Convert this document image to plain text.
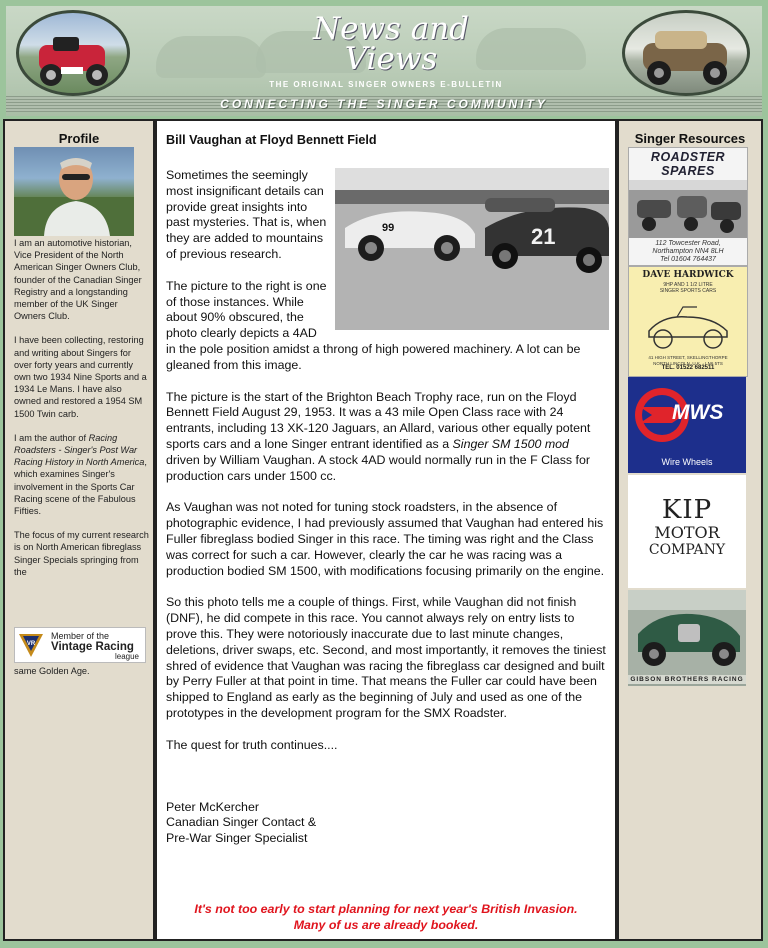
News and Views
THE ORIGINAL SINGER OWNERS E-BULLETIN
CONNECTING THE SINGER COMMUNITY
Profile

I am an automotive historian, Vice President of the North American Singer Owners Club, founder of the Canadian Singer Registry and a longstanding member of the UK Singer Owners Club.

I have been collecting, restoring and writing about Singers for over forty years and currently own two 1934 Nine Sports and a 1934 Le Mans. I have also owned and restored a 1954 SM 1500 Twin carb.

I am the author of Racing Roadsters - Singer's Post War Racing History in North America, which examines Singer's involvement in the Sports Car Racing scene of the Fabulous Fifties.

The focus of my current research is on North American fibreglass Singer Specials springing from the

VR
Member of the
Vintage Racing
league
same Golden Age.
Bill Vaughan at Floyd Bennett Field
99	21

Sometimes the seemingly most insignificant details can provide great insights into past mysteries. That is, when they are added to mountains of previous research.

The picture to the right is one of those instances. While about 90% obscured, the photo clearly depicts a 4AD in the pole position amidst a throng of high powered machinery. A lot can be gleaned from this image.

The picture is the start of the Brighton Beach Trophy race, run on the Floyd Bennett Field August 29, 1953. It was a 43 mile Open Class race with 24 entrants, including 13 XK-120 Jaguars, an Allard, various other equally potent sports cars and a lone Singer entrant identified as a Singer SM 1500 mod driven by William Vaughan. A stock 4AD would normally run in the F Class for production cars under 1500 cc.

As Vaughan was not noted for tuning stock roadsters, in the absence of photographic evidence, I had previously assumed that Vaughan had entered his Fuller fibreglass bodied Singer in this race. The timing was right and the Class was correct for such a car. However, clearly the car he was racing was a production bodied SM 1500, with modifications focusing primarily on the engine.

So this photo tells me a couple of things. First, while Vaughan did not finish (DNF), he did compete in this race. You cannot always rely on entry lists to prove this. They were notoriously inaccurate due to last minute changes, deletions, driver swaps, etc. Second, and most importantly, it removes the tiniest shred of evidence that Vaughan was racing the fibreglass car designed and built by Perry Fuller at that point in time. That means the Fuller car could have been shipped to England as early as the beginning of July and used as one of the prototypes in the development program for the SMX Roadster.

The quest for truth continues....

Peter McKercher
Canadian Singer Contact &
Pre-War Singer Specialist

It's not too early to start planning for next year's British Invasion.
Many of us are already booked.
Singer Resources
ROADSTER
SPARES
112 Towcester Road,
Northampton NN4 8LH
Tel 01604 764437
DAVE HARDWICK
9HP AND 1 1/2 LITRE
SINGER SPORTS CARS
41 HIGH STREET, SKELLINGTHORPE
NORTH LINCOLN, U.K. · LN6 5TS
TEL. 01522 682511
MWS
Wire Wheels
KIP
MOTOR
COMPANY
GIBSON BROTHERS RACING
